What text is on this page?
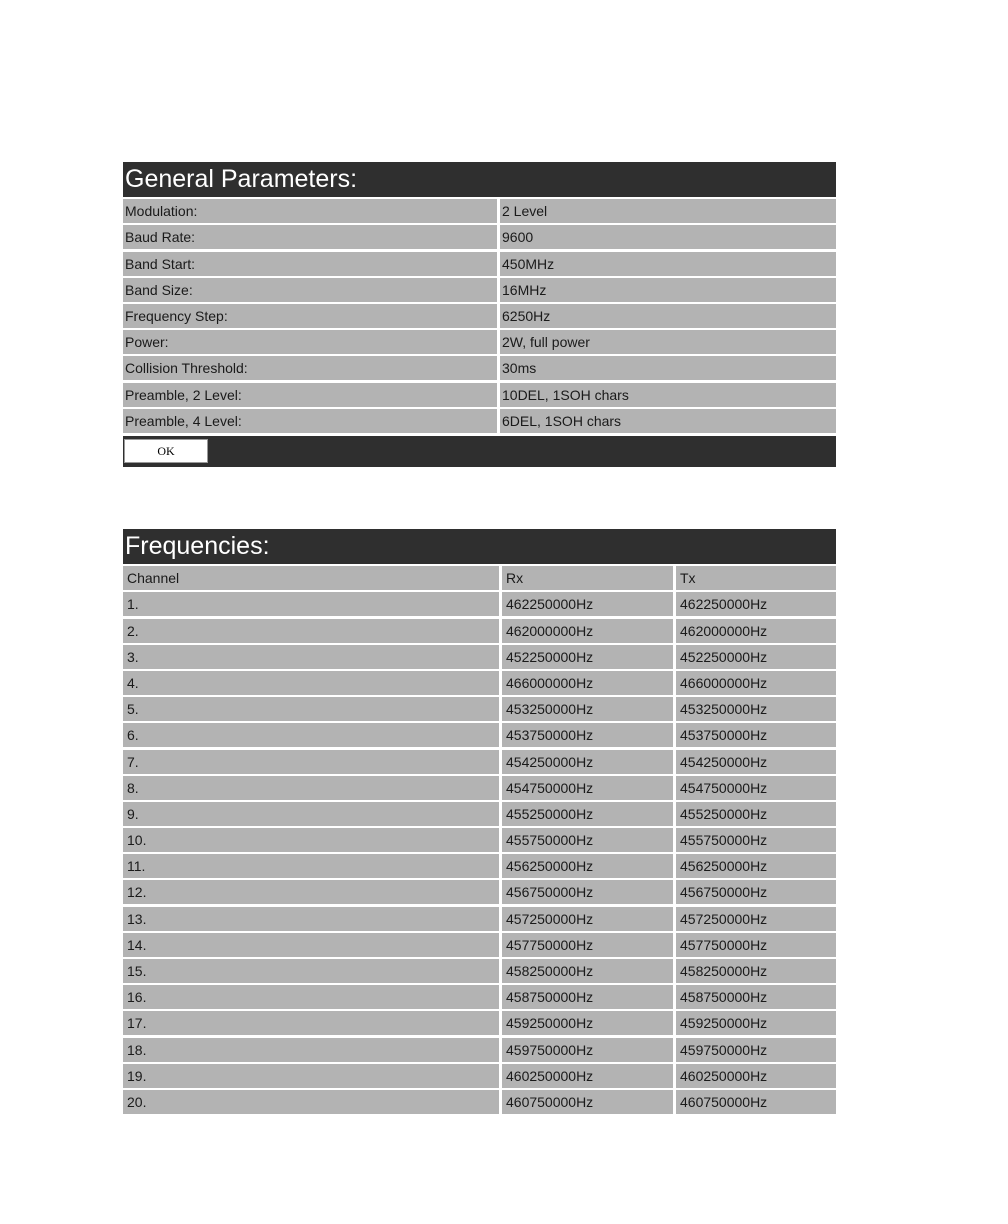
General Parameters:
Modulation:	2 Level
Baud Rate:	9600
Band Start:	450MHz
Band Size:	16MHz
Frequency Step:	6250Hz
Power:	2W, full power
Collision Threshold:	30ms
Preamble, 2 Level:	10DEL, 1SOH chars
Preamble, 4 Level:	6DEL, 1SOH chars
OK
Frequencies:
Channel	Rx	Tx
1.	462250000Hz	462250000Hz
2.	462000000Hz	462000000Hz
3.	452250000Hz	452250000Hz
4.	466000000Hz	466000000Hz
5.	453250000Hz	453250000Hz
6.	453750000Hz	453750000Hz
7.	454250000Hz	454250000Hz
8.	454750000Hz	454750000Hz
9.	455250000Hz	455250000Hz
10.	455750000Hz	455750000Hz
11.	456250000Hz	456250000Hz
12.	456750000Hz	456750000Hz
13.	457250000Hz	457250000Hz
14.	457750000Hz	457750000Hz
15.	458250000Hz	458250000Hz
16.	458750000Hz	458750000Hz
17.	459250000Hz	459250000Hz
18.	459750000Hz	459750000Hz
19.	460250000Hz	460250000Hz
20.	460750000Hz	460750000Hz
